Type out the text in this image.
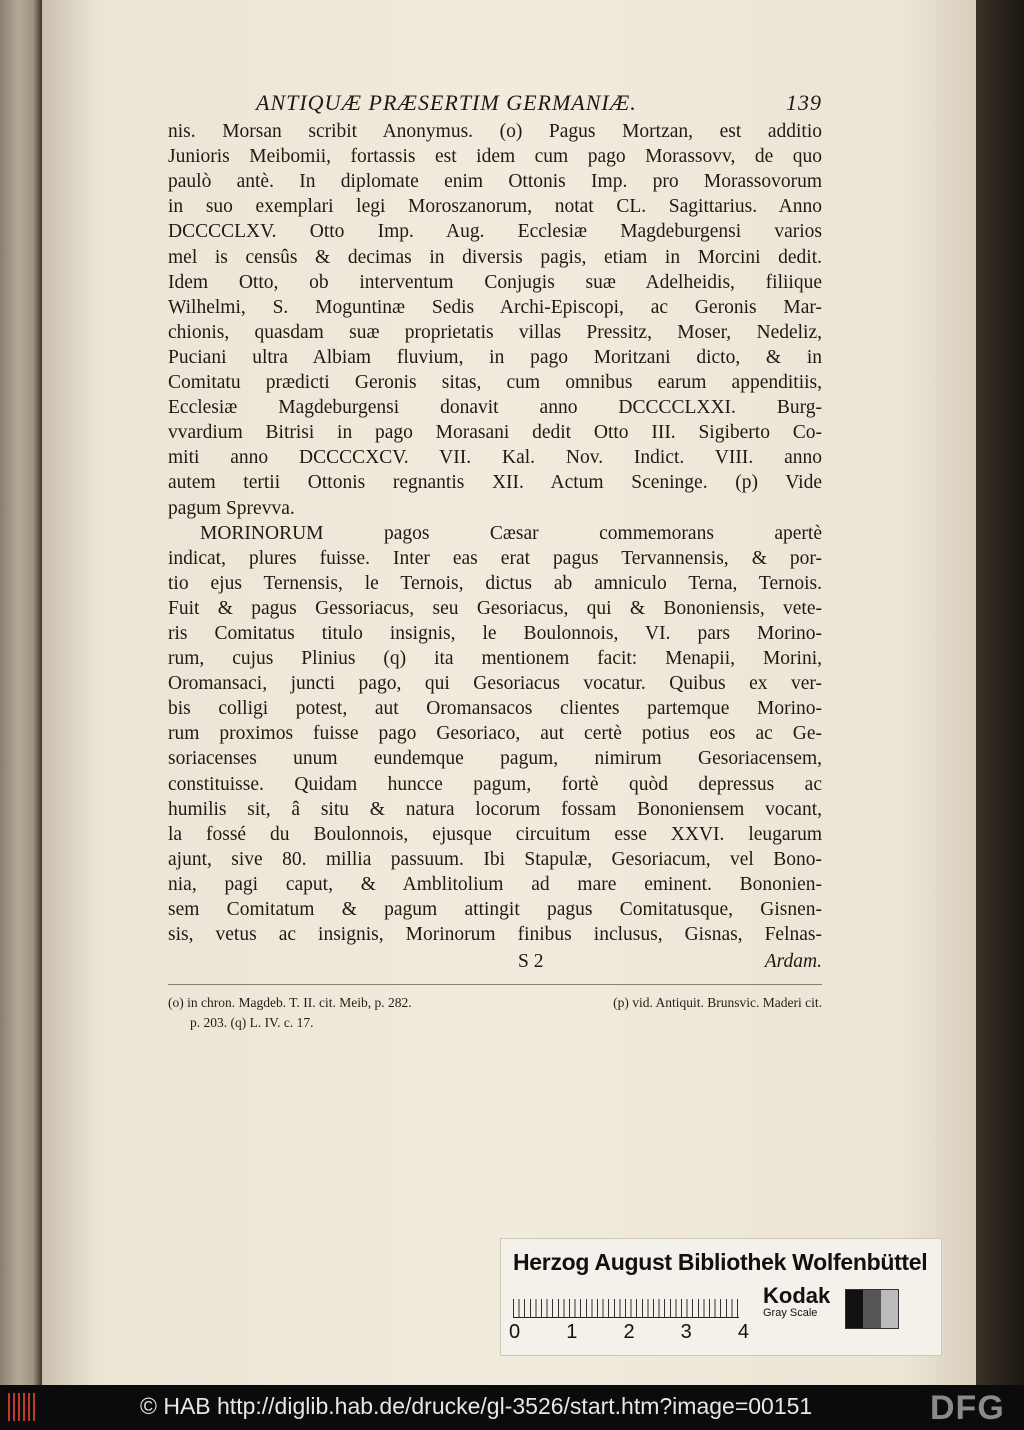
ANTIQUÆ PRÆSERTIM GERMANIÆ.	139

nis. Morsan scribit Anonymus. (o) Pagus Mortzan, est additio
Junioris Meibomii, fortassis est idem cum pago Morassovv, de quo
paulò antè. In diplomate enim Ottonis Imp. pro Morassovorum
in suo exemplari legi Moroszanorum, notat CL. Sagittarius. Anno
DCCCCLXV. Otto Imp. Aug. Ecclesiæ Magdeburgensi varios
mel is censûs & decimas in diversis pagis, etiam in Morcini dedit.
Idem Otto, ob interventum Conjugis suæ Adelheidis, filiique
Wilhelmi, S. Moguntinæ Sedis Archi-Episcopi, ac Geronis Mar-
chionis, quasdam suæ proprietatis villas Pressitz, Moser, Nedeliz,
Puciani ultra Albiam fluvium, in pago Moritzani dicto, & in
Comitatu prædicti Geronis sitas, cum omnibus earum appenditiis,
Ecclesiæ Magdeburgensi donavit anno DCCCCLXXI. Burg-
vvardium Bitrisi in pago Morasani dedit Otto III. Sigiberto Co-
miti anno DCCCCXCV. VII. Kal. Nov. Indict. VIII. anno
autem tertii Ottonis regnantis XII. Actum Sceninge. (p) Vide
pagum Sprevva.

MORINORUM pagos Cæsar commemorans apertè
indicat, plures fuisse. Inter eas erat pagus Tervannensis, & por-
tio ejus Ternensis, le Ternois, dictus ab amniculo Terna, Ternois.
Fuit & pagus Gessoriacus, seu Gesoriacus, qui & Bononiensis, vete-
ris Comitatus titulo insignis, le Boulonnois, VI. pars Morino-
rum, cujus Plinius (q) ita mentionem facit: Menapii, Morini,
Oromansaci, juncti pago, qui Gesoriacus vocatur. Quibus ex ver-
bis colligi potest, aut Oromansacos clientes partemque Morino-
rum proximos fuisse pago Gesoriaco, aut certè potius eos ac Ge-
soriacenses unum eundemque pagum, nimirum Gesoriacensem,
constituisse. Quidam huncce pagum, fortè quòd depressus ac
humilis sit, â situ & natura locorum fossam Bononiensem vocant,
la fossé du Boulonnois, ejusque circuitum esse XXVI. leugarum
ajunt, sive 80. millia passuum. Ibi Stapulæ, Gesoriacum, vel Bono-
nia, pagi caput, & Amblitolium ad mare eminent. Bononien-
sem Comitatum & pagum attingit pagus Comitatusque, Gisnen-
sis, vetus ac insignis, Morinorum finibus inclusus, Gisnas, Felnas-

S 2	Ardam.
(o) in chron. Magdeb. T. II. cit. Meib, p. 282.	(p) vid. Antiquit. Brunsvic. Maderi cit.
p. 203. (q) L. IV. c. 17.
Herzog August Bibliothek Wolfenbüttel
0 1 2 3 4
Kodak
Gray Scale
© HAB http://diglib.hab.de/drucke/gl-3526/start.htm?image=00151	DFG
